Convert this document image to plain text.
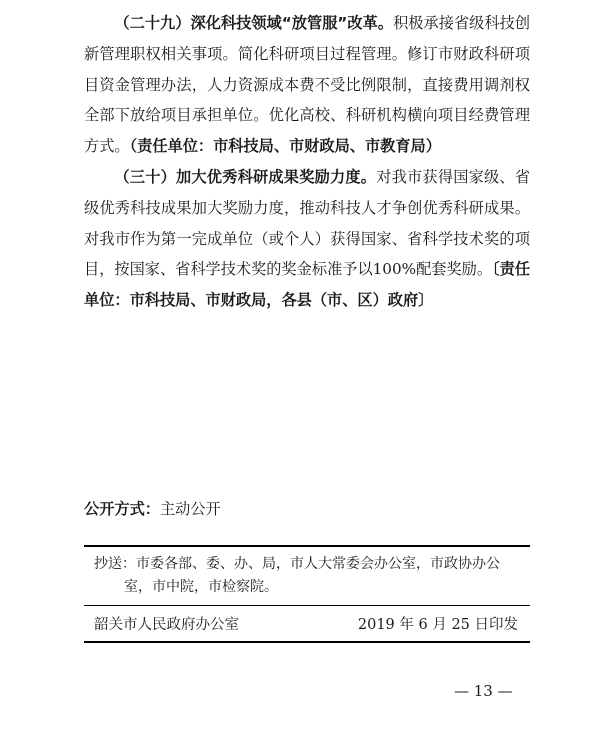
（二十九）深化科技领域“放管服”改革。积极承接省级科技创新管理职权相关事项。简化科研项目过程管理。修订市财政科研项目资金管理办法，人力资源成本费不受比例限制，直接费用调剂权全部下放给项目承担单位。优化高校、科研机构横向项目经费管理方式。（责任单位：市科技局、市财政局、市教育局）

（三十）加大优秀科研成果奖励力度。对我市获得国家级、省级优秀科技成果加大奖励力度，推动科技人才争创优秀科研成果。对我市作为第一完成单位（或个人）获得国家、省科学技术奖的项目，按国家、省科学技术奖的奖金标准予以100%配套奖励。〔责任单位：市科技局、市财政局，各县（市、区）政府〕

公开方式：主动公开
抄送：市委各部、委、办、局，市人大常委会办公室，市政协办公
室，市中院，市检察院。
韶关市人民政府办公室	2019 年 6 月 25 日印发
— 13 —
